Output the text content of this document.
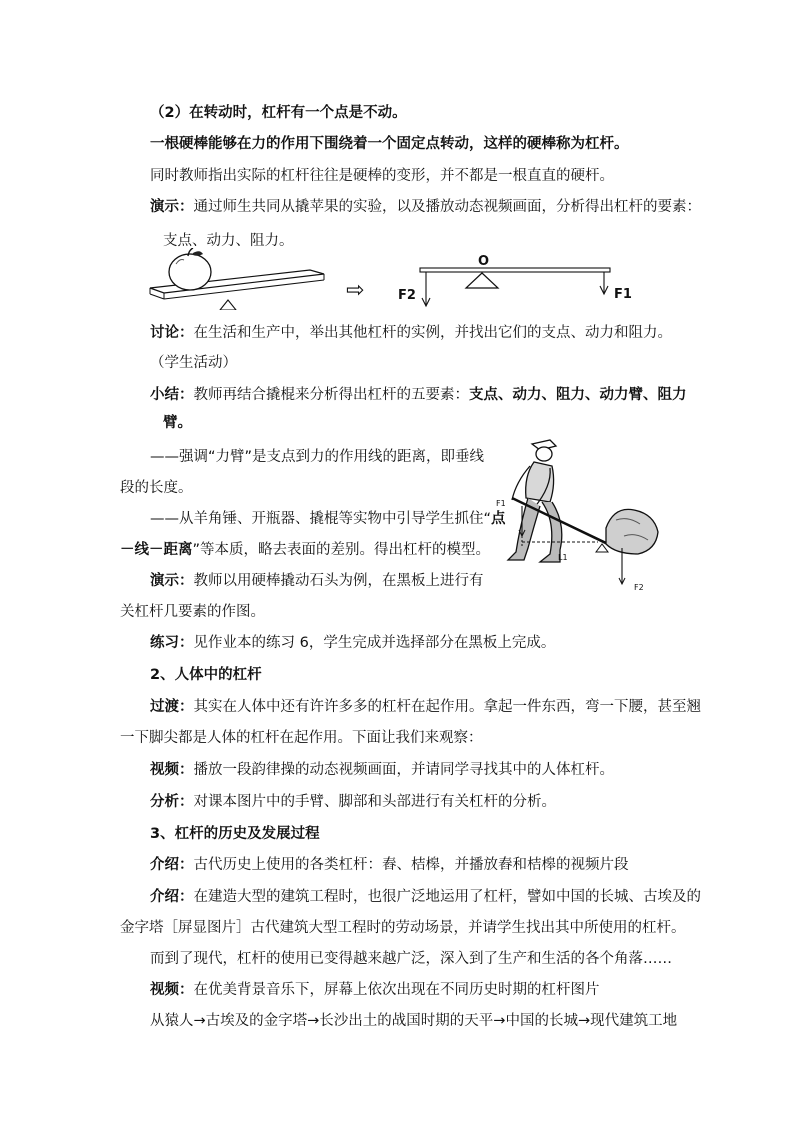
（2）在转动时，杠杆有一个点是不动。
一根硬棒能够在力的作用下围绕着一个固定点转动，这样的硬棒称为杠杆。
同时教师指出实际的杠杆往往是硬棒的变形，并不都是一根直直的硬杆。
演示：通过师生共同从撬苹果的实验，以及播放动态视频画面，分析得出杠杆的要素：
支点、动力、阻力。
⇨
O
F2	F1
讨论：在生活和生产中，举出其他杠杆的实例，并找出它们的支点、动力和阻力。
（学生活动）
小结：教师再结合撬棍来分析得出杠杆的五要素：支点、动力、阻力、动力臂、阻力
臂。
——强调“力臂”是支点到力的作用线的距离，即垂线
段的长度。
——从羊角锤、开瓶器、撬棍等实物中引导学生抓住“点
－线－距离”等本质，略去表面的差别。得出杠杆的模型。
演示：教师以用硬棒撬动石头为例，在黑板上进行有
关杠杆几要素的作图。
F1
L1
F2
练习：见作业本的练习 6，学生完成并选择部分在黑板上完成。
2、人体中的杠杆
过渡：其实在人体中还有许许多多的杠杆在起作用。拿起一件东西，弯一下腰，甚至翘
一下脚尖都是人体的杠杆在起作用。下面让我们来观察：
视频：播放一段韵律操的动态视频画面，并请同学寻找其中的人体杠杆。
分析：对课本图片中的手臂、脚部和头部进行有关杠杆的分析。
3、杠杆的历史及发展过程
介绍：古代历史上使用的各类杠杆：舂、桔槔，并播放舂和桔槔的视频片段
介绍：在建造大型的建筑工程时，也很广泛地运用了杠杆，譬如中国的长城、古埃及的
金字塔［屏显图片］古代建筑大型工程时的劳动场景，并请学生找出其中所使用的杠杆。
而到了现代，杠杆的使用已变得越来越广泛，深入到了生产和生活的各个角落……
视频：在优美背景音乐下，屏幕上依次出现在不同历史时期的杠杆图片
从猿人→古埃及的金字塔→长沙出土的战国时期的天平→中国的长城→现代建筑工地
